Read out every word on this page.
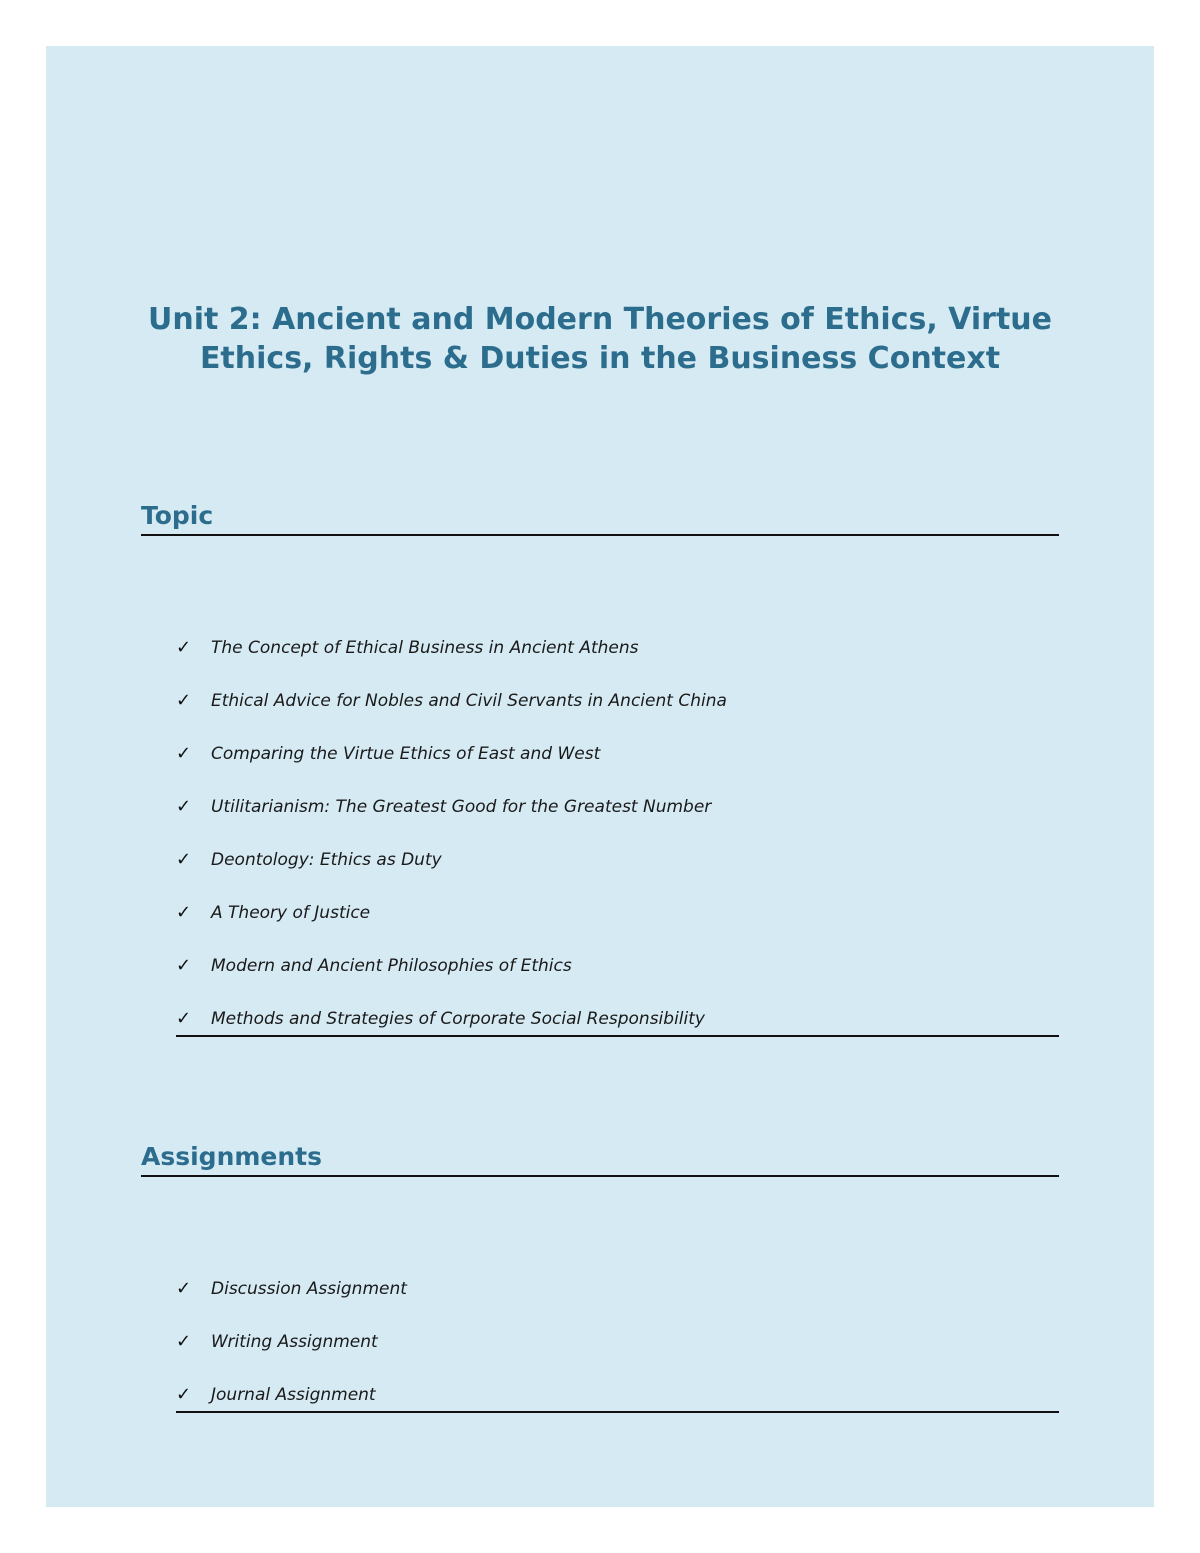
Unit 2: Ancient and Modern Theories of Ethics, Virtue Ethics, Rights & Duties in the Business Context
Topic
✓	The Concept of Ethical Business in Ancient Athens
✓	Ethical Advice for Nobles and Civil Servants in Ancient China
✓	Comparing the Virtue Ethics of East and West
✓	Utilitarianism: The Greatest Good for the Greatest Number
✓	Deontology: Ethics as Duty
✓	A Theory of Justice
✓	Modern and Ancient Philosophies of Ethics
✓	Methods and Strategies of Corporate Social Responsibility
Assignments
✓	Discussion Assignment
✓	Writing Assignment
✓	Journal Assignment
